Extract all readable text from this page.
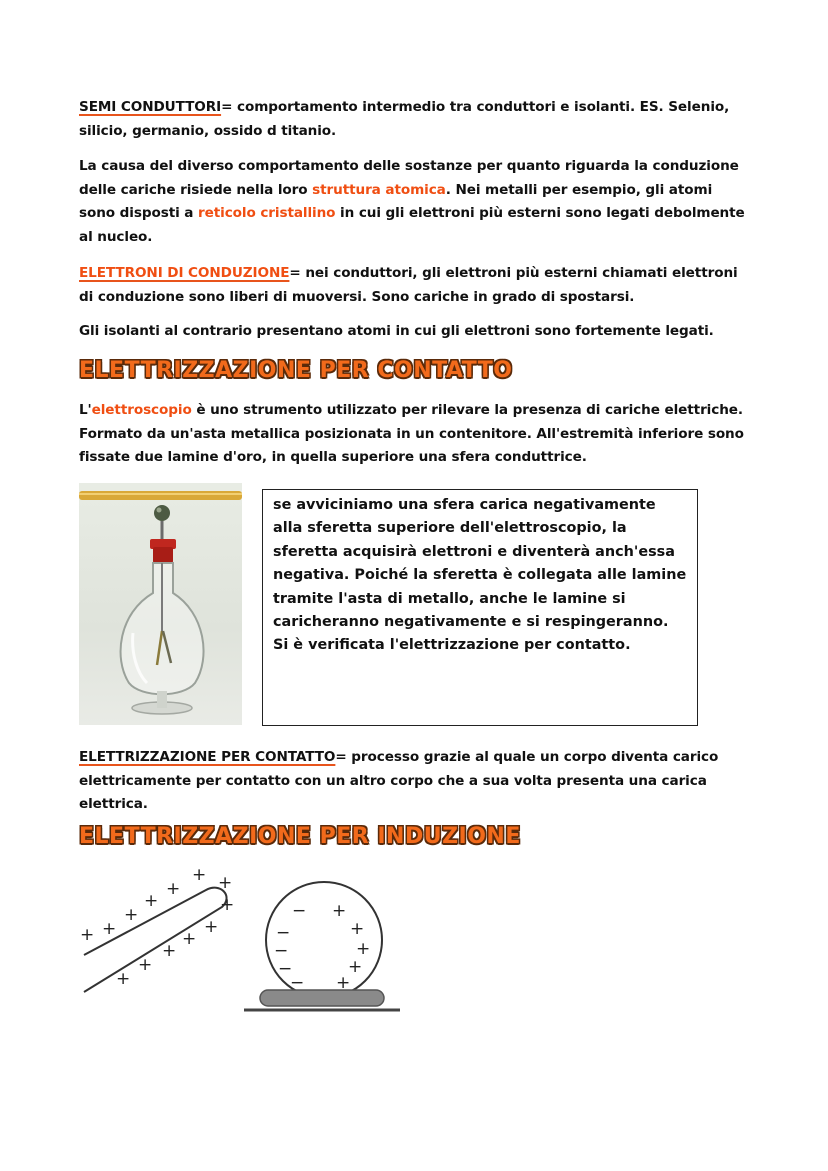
SEMI CONDUTTORI= comportamento intermedio tra conduttori e isolanti. ES. Selenio, silicio, germanio, ossido d titanio.
La causa del diverso comportamento delle sostanze per quanto riguarda la conduzione delle cariche risiede nella loro struttura atomica. Nei metalli per esempio, gli atomi sono disposti a reticolo cristallino in cui gli elettroni più esterni sono legati debolmente al nucleo.
ELETTRONI DI CONDUZIONE= nei conduttori, gli elettroni più esterni chiamati elettroni di conduzione sono liberi di muoversi. Sono cariche in grado di spostarsi.
Gli isolanti al contrario presentano atomi in cui gli elettroni sono fortemente legati.
ELETTRIZZAZIONE PER CONTATTO
L'elettroscopio è uno strumento utilizzato per rilevare la presenza di cariche elettriche. Formato da un'asta metallica posizionata in un contenitore. All'estremità inferiore sono fissate due lamine d'oro, in quella superiore una sfera conduttrice.
se avviciniamo una sfera carica negativamente alla sferetta superiore dell'elettroscopio, la sferetta acquisirà elettroni e diventerà anch'essa negativa. Poiché la sferetta è collegata alle lamine tramite l'asta di metallo, anche le lamine si caricheranno negativamente e si respingeranno. Si è verificata l'elettrizzazione per contatto.
ELETTRIZZAZIONE PER CONTATTO= processo grazie al quale un corpo diventa carico elettricamente per contatto con un altro corpo che a sua volta presenta una carica elettrica.
ELETTRIZZAZIONE PER INDUZIONE
+ +
+
+
+
+ +
+
+
+
+
+
+
−
−
−
−
−
+
+
+
+
+
